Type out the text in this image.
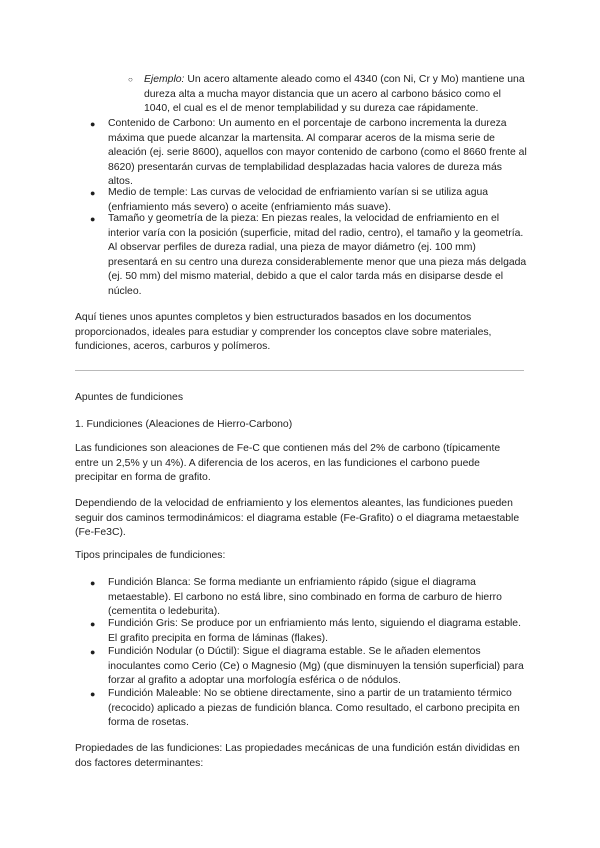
○ Ejemplo: Un acero altamente aleado como el 4340 (con Ni, Cr y Mo) mantiene una dureza alta a mucha mayor distancia que un acero al carbono básico como el 1040, el cual es el de menor templabilidad y su dureza cae rápidamente.

● Contenido de Carbono: Un aumento en el porcentaje de carbono incrementa la dureza máxima que puede alcanzar la martensita. Al comparar aceros de la misma serie de aleación (ej. serie 8600), aquellos con mayor contenido de carbono (como el 8660 frente al 8620) presentarán curvas de templabilidad desplazadas hacia valores de dureza más altos.

● Medio de temple: Las curvas de velocidad de enfriamiento varían si se utiliza agua (enfriamiento más severo) o aceite (enfriamiento más suave).

● Tamaño y geometría de la pieza: En piezas reales, la velocidad de enfriamiento en el interior varía con la posición (superficie, mitad del radio, centro), el tamaño y la geometría. Al observar perfiles de dureza radial, una pieza de mayor diámetro (ej. 100 mm) presentará en su centro una dureza considerablemente menor que una pieza más delgada (ej. 50 mm) del mismo material, debido a que el calor tarda más en disiparse desde el núcleo.

Aquí tienes unos apuntes completos y bien estructurados basados en los documentos proporcionados, ideales para estudiar y comprender los conceptos clave sobre materiales, fundiciones, aceros, carburos y polímeros.

Apuntes de fundiciones

1. Fundiciones (Aleaciones de Hierro-Carbono)

Las fundiciones son aleaciones de Fe-C que contienen más del 2% de carbono (típicamente entre un 2,5% y un 4%). A diferencia de los aceros, en las fundiciones el carbono puede precipitar en forma de grafito.

Dependiendo de la velocidad de enfriamiento y los elementos aleantes, las fundiciones pueden seguir dos caminos termodinámicos: el diagrama estable (Fe-Grafito) o el diagrama metaestable (Fe-Fe3C).

Tipos principales de fundiciones:

● Fundición Blanca: Se forma mediante un enfriamiento rápido (sigue el diagrama metaestable). El carbono no está libre, sino combinado en forma de carburo de hierro (cementita o ledeburita).

● Fundición Gris: Se produce por un enfriamiento más lento, siguiendo el diagrama estable. El grafito precipita en forma de láminas (flakes).

● Fundición Nodular (o Dúctil): Sigue el diagrama estable. Se le añaden elementos inoculantes como Cerio (Ce) o Magnesio (Mg) (que disminuyen la tensión superficial) para forzar al grafito a adoptar una morfología esférica o de nódulos.

● Fundición Maleable: No se obtiene directamente, sino a partir de un tratamiento térmico (recocido) aplicado a piezas de fundición blanca. Como resultado, el carbono precipita en forma de rosetas.

Propiedades de las fundiciones: Las propiedades mecánicas de una fundición están divididas en dos factores determinantes:
